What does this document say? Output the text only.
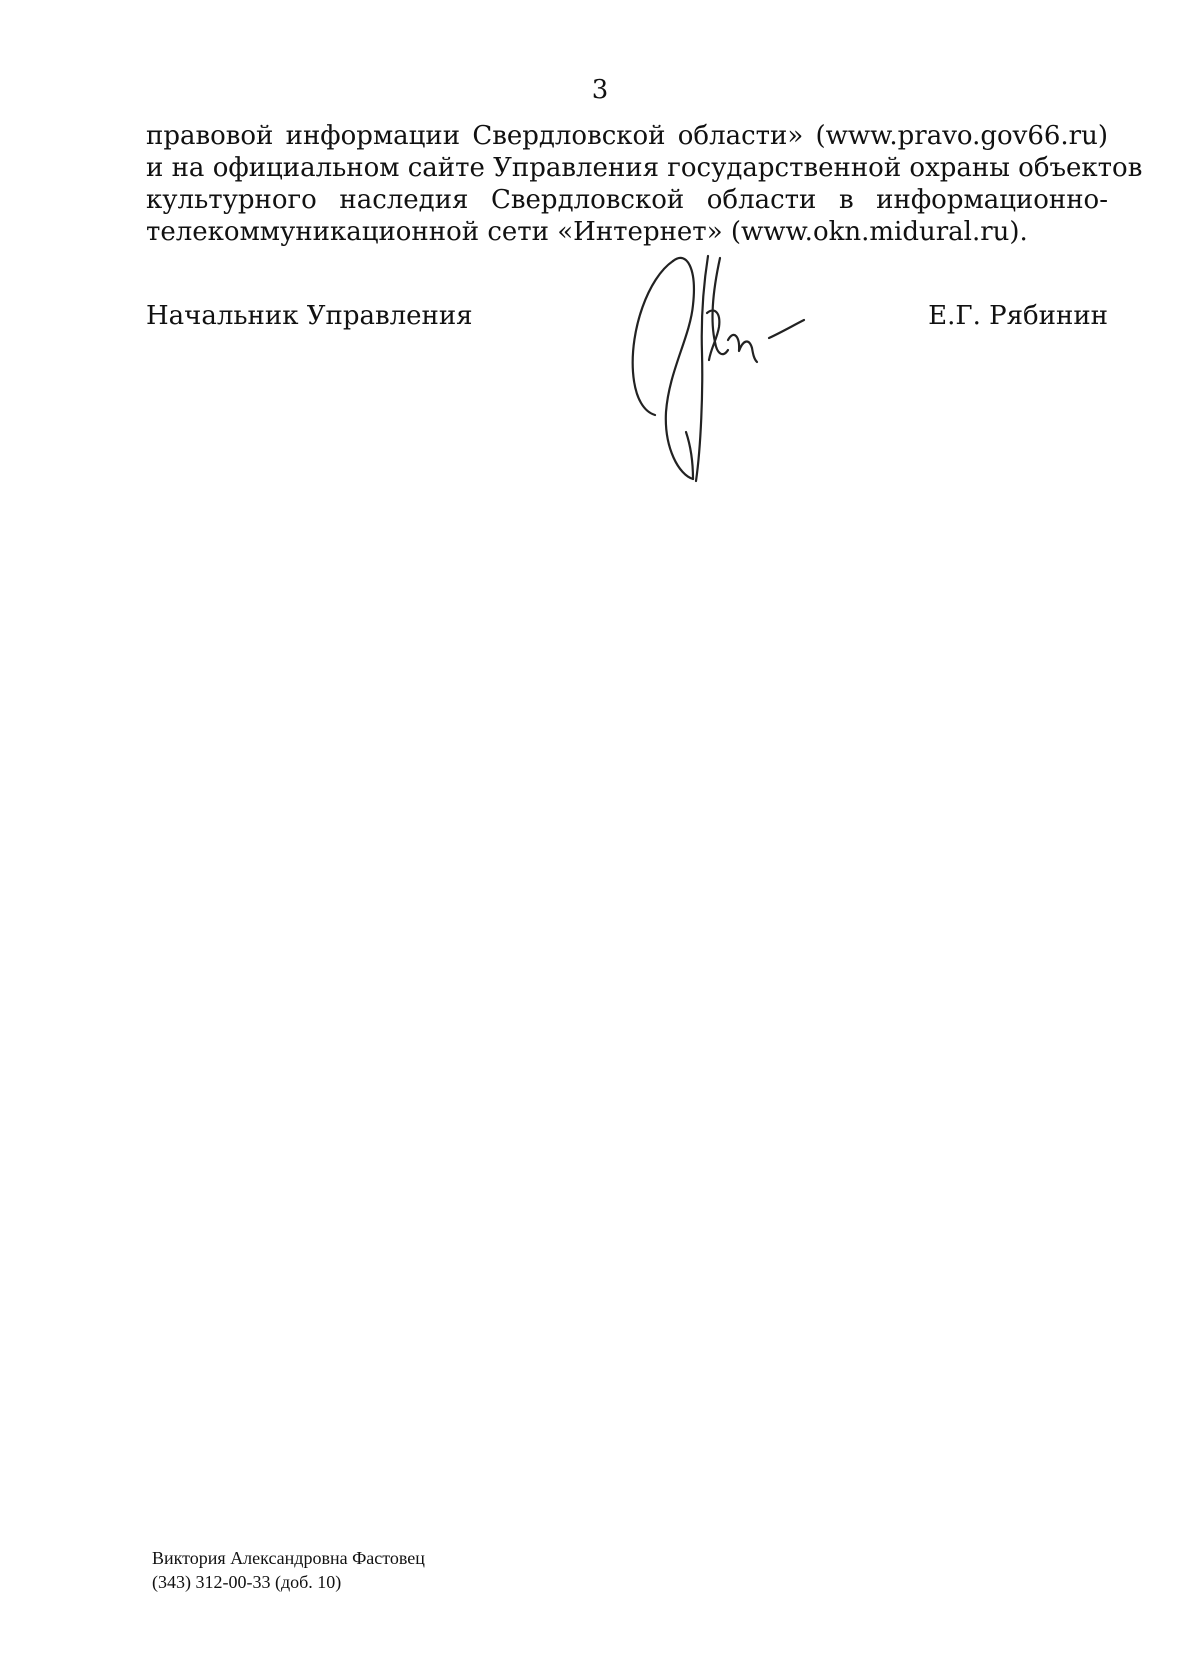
3
правовой информации Свердловской области» (www.pravo.gov66.ru)
и на официальном сайте Управления государственной охраны объектов
культурного наследия Свердловской области в информационно-
телекоммуникационной сети «Интернет» (www.okn.midural.ru).
Начальник Управления	Е.Г. Рябинин
Виктория Александровна Фастовец
(343) 312-00-33 (доб. 10)
